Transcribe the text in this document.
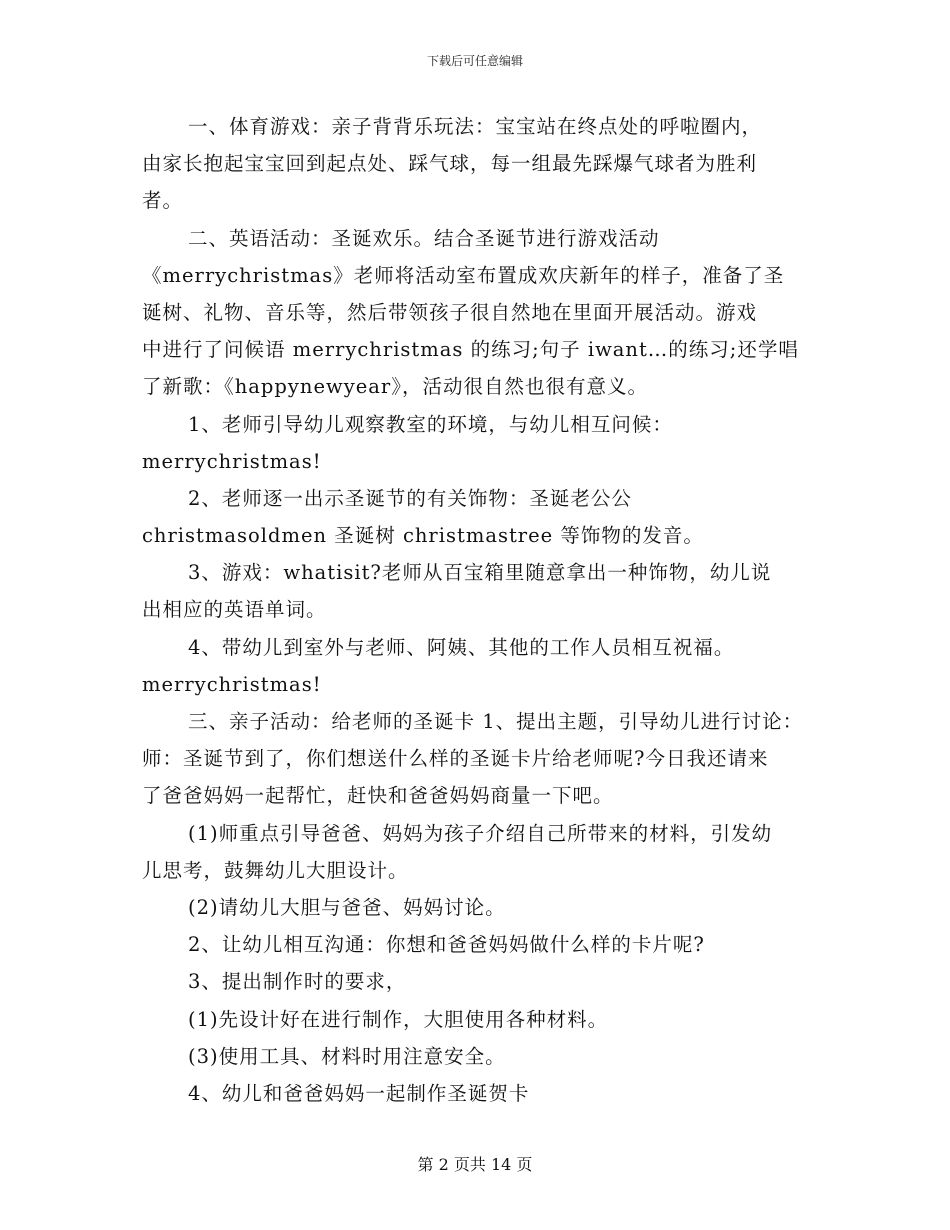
下载后可任意编辑
一、体育游戏：亲子背背乐玩法：宝宝站在终点处的呼啦圈内，
由家长抱起宝宝回到起点处、踩气球，每一组最先踩爆气球者为胜利
者。
二、英语活动：圣诞欢乐。结合圣诞节进行游戏活动
《merrychristmas》老师将活动室布置成欢庆新年的样子，准备了圣
诞树、礼物、音乐等，然后带领孩子很自然地在里面开展活动。游戏
中进行了问候语 merrychristmas 的练习;句子 iwant…的练习;还学唱
了新歌：《happynewyear》，活动很自然也很有意义。
1、老师引导幼儿观察教室的环境，与幼儿相互问候：
merrychristmas!
2、老师逐一出示圣诞节的有关饰物：圣诞老公公
christmasoldmen 圣诞树 christmastree 等饰物的发音。
3、游戏：whatisit?老师从百宝箱里随意拿出一种饰物，幼儿说
出相应的英语单词。
4、带幼儿到室外与老师、阿姨、其他的工作人员相互祝福。
merrychristmas!
三、亲子活动：给老师的圣诞卡 1、提出主题，引导幼儿进行讨论：
师：圣诞节到了，你们想送什么样的圣诞卡片给老师呢?今日我还请来
了爸爸妈妈一起帮忙，赶快和爸爸妈妈商量一下吧。
(1)师重点引导爸爸、妈妈为孩子介绍自己所带来的材料，引发幼
儿思考，鼓舞幼儿大胆设计。
(2)请幼儿大胆与爸爸、妈妈讨论。
2、让幼儿相互沟通：你想和爸爸妈妈做什么样的卡片呢?
3、提出制作时的要求，
(1)先设计好在进行制作，大胆使用各种材料。
(3)使用工具、材料时用注意安全。
4、幼儿和爸爸妈妈一起制作圣诞贺卡
第 2 页共 14 页
